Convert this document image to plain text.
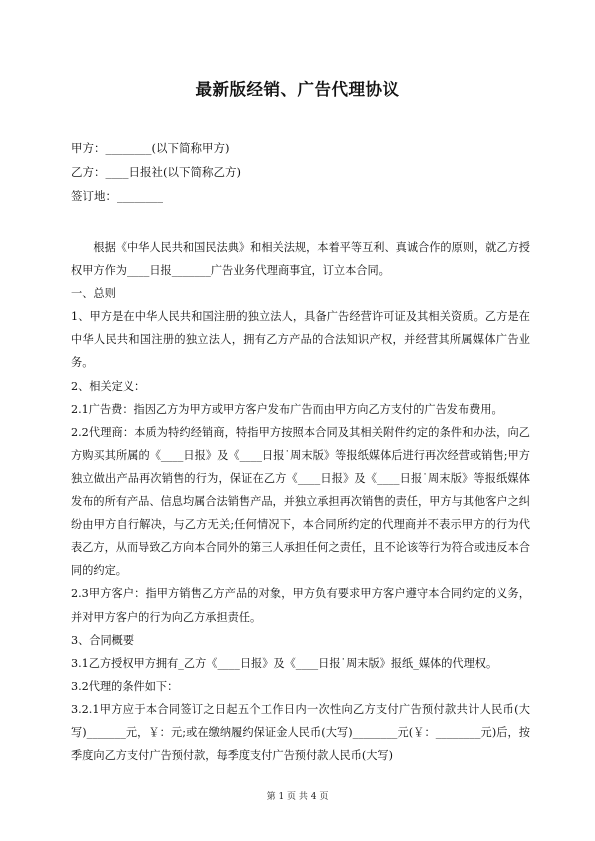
最新版经销、广告代理协议
甲方：________(以下简称甲方)
乙方：____日报社(以下简称乙方)
签订地：________

根据《中华人民共和国民法典》和相关法规，本着平等互利、真诚合作的原则，就乙方授权甲方作为____日报_______广告业务代理商事宜，订立本合同。

一、总则

1、甲方是在中华人民共和国注册的独立法人，具备广告经营许可证及其相关资质。乙方是在中华人民共和国注册的独立法人，拥有乙方产品的合法知识产权，并经营其所属媒体广告业务。

2、相关定义：

2.1广告费：指因乙方为甲方或甲方客户发布广告而由甲方向乙方支付的广告发布费用。

2.2代理商：本质为特约经销商，特指甲方按照本合同及其相关附件约定的条件和办法，向乙方购买其所属的《____日报》及《____日报˙周末版》等报纸媒体后进行再次经营或销售;甲方独立做出产品再次销售的行为，保证在乙方《____日报》及《____日报˙周末版》等报纸媒体发布的所有产品、信息均属合法销售产品，并独立承担再次销售的责任，甲方与其他客户之纠纷由甲方自行解决，与乙方无关;任何情况下，本合同所约定的代理商并不表示甲方的行为代表乙方，从而导致乙方向本合同外的第三人承担任何之责任，且不论该等行为符合或违反本合同的约定。

2.3甲方客户：指甲方销售乙方产品的对象，甲方负有要求甲方客户遵守本合同约定的义务，并对甲方客户的行为向乙方承担责任。

3、合同概要

3.1乙方授权甲方拥有_乙方《____日报》及《____日报˙周末版》报纸_媒体的代理权。

3.2代理的条件如下：

3.2.1甲方应于本合同签订之日起五个工作日内一次性向乙方支付广告预付款共计人民币(大写)_______元，￥：元;或在缴纳履约保证金人民币(大写)________元(￥：________元)后，按季度向乙方支付广告预付款，每季度支付广告预付款人民币(大写)

第 1 页 共 4 页
